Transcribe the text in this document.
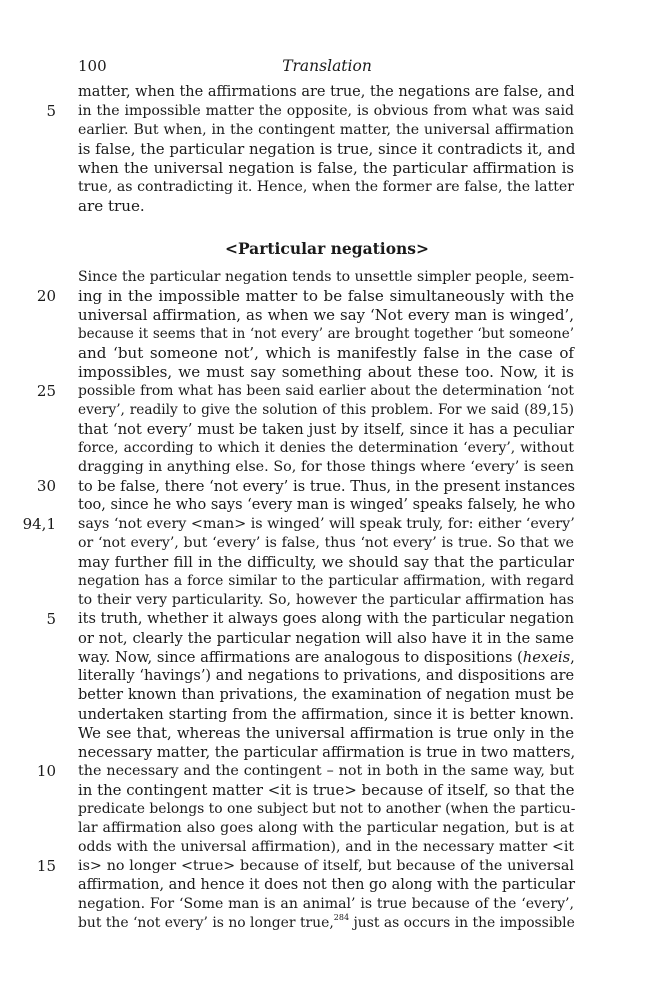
100	Translation
5
20
25
30
94,1
5
10
15
matter, when the affirmations are true, the negations are false, and
in the impossible matter the opposite, is obvious from what was said
earlier. But when, in the contingent matter, the universal affirmation
is false, the particular negation is true, since it contradicts it, and
when the universal negation is false, the particular affirmation is
true, as contradicting it. Hence, when the former are false, the latter
are true.
<Particular negations>
Since the particular negation tends to unsettle simpler people, seem-
ing in the impossible matter to be false simultaneously with the
universal affirmation, as when we say ‘Not every man is winged’,
because it seems that in ‘not every’ are brought together ‘but someone’
and ‘but someone not’, which is manifestly false in the case of
impossibles, we must say something about these too. Now, it is
possible from what has been said earlier about the determination ‘not
every’, readily to give the solution of this problem. For we said (89,15)
that ‘not every’ must be taken just by itself, since it has a peculiar
force, according to which it denies the determination ‘every’, without
dragging in anything else. So, for those things where ‘every’ is seen
to be false, there ‘not every’ is true. Thus, in the present instances
too, since he who says ‘every man is winged’ speaks falsely, he who
says ‘not every <man> is winged’ will speak truly, for: either ‘every’
or ‘not every’, but ‘every’ is false, thus ‘not every’ is true. So that we
may further fill in the difficulty, we should say that the particular
negation has a force similar to the particular affirmation, with regard
to their very particularity. So, however the particular affirmation has
its truth, whether it always goes along with the particular negation
or not, clearly the particular negation will also have it in the same
way. Now, since affirmations are analogous to dispositions (hexeis,
literally ‘havings’) and negations to privations, and dispositions are
better known than privations, the examination of negation must be
undertaken starting from the affirmation, since it is better known.
We see that, whereas the universal affirmation is true only in the
necessary matter, the particular affirmation is true in two matters,
the necessary and the contingent – not in both in the same way, but
in the contingent matter <it is true> because of itself, so that the
predicate belongs to one subject but not to another (when the particu-
lar affirmation also goes along with the particular negation, but is at
odds with the universal affirmation), and in the necessary matter <it
is> no longer <true> because of itself, but because of the universal
affirmation, and hence it does not then go along with the particular
negation. For ‘Some man is an animal’ is true because of the ‘every’,
but the ‘not every’ is no longer true,$^{284}$ just as occurs in the impossible
